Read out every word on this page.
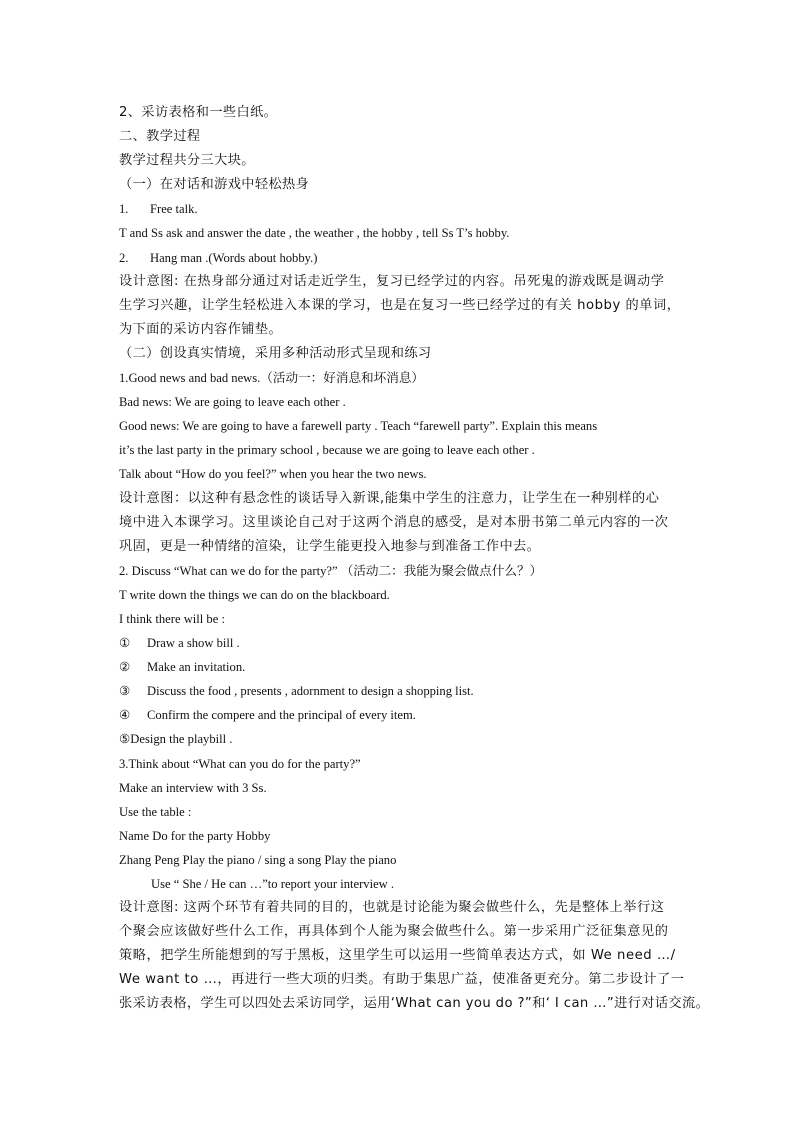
2、采访表格和一些白纸。
二、教学过程
教学过程共分三大块。
（一）在对话和游戏中轻松热身
1. Free talk.
T and Ss ask and answer the date , the weather , the hobby , tell Ss T’s hobby.
2. Hang man .(Words about hobby.)
设计意图: 在热身部分通过对话走近学生，复习已经学过的内容。吊死鬼的游戏既是调动学
生学习兴趣，让学生轻松进入本课的学习，也是在复习一些已经学过的有关 hobby 的单词，
为下面的采访内容作铺垫。
（二）创设真实情境，采用多种活动形式呈现和练习
1.Good news and bad news.（活动一：好消息和坏消息）
Bad news: We are going to leave each other .
Good news: We are going to have a farewell party . Teach “farewell party”. Explain this means
it’s the last party in the primary school , because we are going to leave each other .
Talk about “How do you feel?” when you hear the two news.
设计意图：以这种有悬念性的谈话导入新课,能集中学生的注意力，让学生在一种别样的心
境中进入本课学习。这里谈论自己对于这两个消息的感受，是对本册书第二单元内容的一次
巩固，更是一种情绪的渲染，让学生能更投入地参与到准备工作中去。
2. Discuss “What can we do for the party?” （活动二：我能为聚会做点什么？）
T write down the things we can do on the blackboard.
I think there will be :
① Draw a show bill .
② Make an invitation.
③ Discuss the food , presents , adornment to design a shopping list.
④ Confirm the compere and the principal of every item.
⑤Design the playbill .
3.Think about “What can you do for the party?”
Make an interview with 3 Ss.
Use the table :
Name Do for the party Hobby
Zhang Peng Play the piano / sing a song Play the piano
Use “ She / He can …”to report your interview .
设计意图: 这两个环节有着共同的目的，也就是讨论能为聚会做些什么，先是整体上举行这
个聚会应该做好些什么工作，再具体到个人能为聚会做些什么。第一步采用广泛征集意见的
策略，把学生所能想到的写于黑板，这里学生可以运用一些简单表达方式，如 We need …/
We want to …，再进行一些大项的归类。有助于集思广益，使准备更充分。第二步设计了一
张采访表格，学生可以四处去采访同学，运用‘What can you do ?”和‘ I can …”进行对话交流。
